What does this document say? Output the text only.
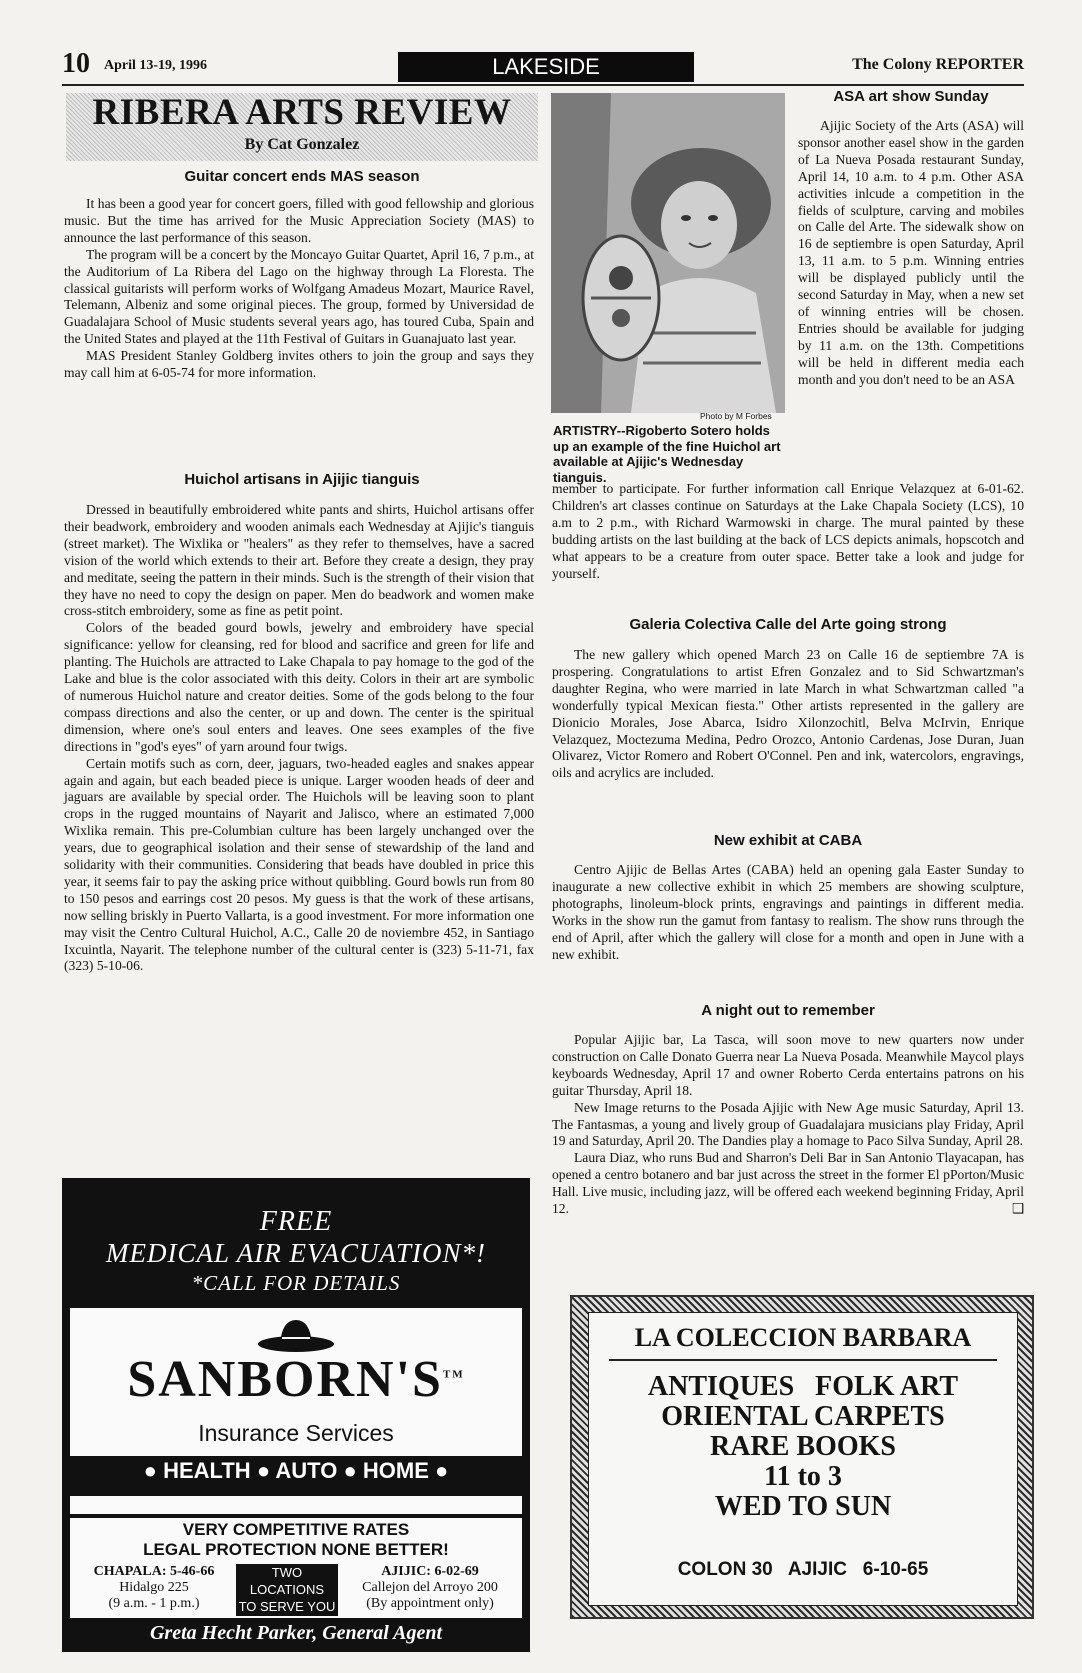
10 April 13-19, 1996	LAKESIDE	The Colony REPORTER
RIBERA ARTS REVIEW
By Cat Gonzalez
Guitar concert ends MAS season

It has been a good year for concert goers, filled with good fellowship and glorious music. But the time has arrived for the Music Appreciation Society (MAS) to announce the last performance of this season.

The program will be a concert by the Moncayo Guitar Quartet, April 16, 7 p.m., at the Auditorium of La Ribera del Lago on the highway through La Floresta. The classical guitarists will perform works of Wolfgang Amadeus Mozart, Maurice Ravel, Telemann, Albeniz and some original pieces. The group, formed by Universidad de Guadalajara School of Music students several years ago, has toured Cuba, Spain and the United States and played at the 11th Festival of Guitars in Guanajuato last year.

MAS President Stanley Goldberg invites others to join the group and says they may call him at 6-05-74 for more information.

Huichol artisans in Ajijic tianguis

Dressed in beautifully embroidered white pants and shirts, Huichol artisans offer their beadwork, embroidery and wooden animals each Wednesday at Ajijic's tianguis (street market). The Wixlika or "healers" as they refer to themselves, have a sacred vision of the world which extends to their art. Before they create a design, they pray and meditate, seeing the pattern in their minds. Such is the strength of their vision that they have no need to copy the design on paper. Men do beadwork and women make cross-stitch embroidery, some as fine as petit point.

Colors of the beaded gourd bowls, jewelry and embroidery have special significance: yellow for cleansing, red for blood and sacrifice and green for life and planting. The Huichols are attracted to Lake Chapala to pay homage to the god of the Lake and blue is the color associated with this deity. Colors in their art are symbolic of numerous Huichol nature and creator deities. Some of the gods belong to the four compass directions and also the center, or up and down. The center is the spiritual dimension, where one's soul enters and leaves. One sees examples of the five directions in "god's eyes" of yarn around four twigs.

Certain motifs such as corn, deer, jaguars, two-headed eagles and snakes appear again and again, but each beaded piece is unique. Larger wooden heads of deer and jaguars are available by special order. The Huichols will be leaving soon to plant crops in the rugged mountains of Nayarit and Jalisco, where an estimated 7,000 Wixlika remain. This pre-Columbian culture has been largely unchanged over the years, due to geographical isolation and their sense of stewardship of the land and solidarity with their communities. Considering that beads have doubled in price this year, it seems fair to pay the asking price without quibbling. Gourd bowls run from 80 to 150 pesos and earrings cost 20 pesos. My guess is that the work of these artisans, now selling briskly in Puerto Vallarta, is a good investment. For more information one may visit the Centro Cultural Huichol, A.C., Calle 20 de noviembre 452, in Santiago Ixcuintla, Nayarit. The telephone number of the cultural center is (323) 5-11-71, fax (323) 5-10-06.

Photo by M Forbes
ARTISTRY--Rigoberto Sotero holds up an example of the fine Huichol art available at Ajijic's Wednesday tianguis.
ASA art show Sunday

Ajijic Society of the Arts (ASA) will sponsor another easel show in the garden of La Nueva Posada restaurant Sunday, April 14, 10 a.m. to 4 p.m. Other ASA activities inlcude a competition in the fields of sculpture, carving and mobiles on Calle del Arte. The sidewalk show on 16 de septiembre is open Saturday, April 13, 11 a.m. to 5 p.m. Winning entries will be displayed publicly until the second Saturday in May, when a new set of winning entries will be chosen. Entries should be available for judging by 11 a.m. on the 13th. Competitions will be held in different media each month and you don't need to be an ASA

member to participate. For further information call Enrique Velazquez at 6-01-62. Children's art classes continue on Saturdays at the Lake Chapala Society (LCS), 10 a.m to 2 p.m., with Richard Warmowski in charge. The mural painted by these budding artists on the last building at the back of LCS depicts animals, hopscotch and what appears to be a creature from outer space. Better take a look and judge for yourself.

Galeria Colectiva Calle del Arte going strong

The new gallery which opened March 23 on Calle 16 de septiembre 7A is prospering. Congratulations to artist Efren Gonzalez and to Sid Schwartzman's daughter Regina, who were married in late March in what Schwartzman called "a wonderfully typical Mexican fiesta." Other artists represented in the gallery are Dionicio Morales, Jose Abarca, Isidro Xilonzochitl, Belva McIrvin, Enrique Velazquez, Moctezuma Medina, Pedro Orozco, Antonio Cardenas, Jose Duran, Juan Olivarez, Victor Romero and Robert O'Connel. Pen and ink, watercolors, engravings, oils and acrylics are included.

New exhibit at CABA

Centro Ajijic de Bellas Artes (CABA) held an opening gala Easter Sunday to inaugurate a new collective exhibit in which 25 members are showing sculpture, photographs, linoleum-block prints, engravings and paintings in different media. Works in the show run the gamut from fantasy to realism. The show runs through the end of April, after which the gallery will close for a month and open in June with a new exhibit.

A night out to remember

Popular Ajijic bar, La Tasca, will soon move to new quarters now under construction on Calle Donato Guerra near La Nueva Posada. Meanwhile Maycol plays keyboards Wednesday, April 17 and owner Roberto Cerda entertains patrons on his guitar Thursday, April 18.

New Image returns to the Posada Ajijic with New Age music Saturday, April 13. The Fantasmas, a young and lively group of Guadalajara musicians play Friday, April 19 and Saturday, April 20. The Dandies play a homage to Paco Silva Sunday, April 28.

Laura Diaz, who runs Bud and Sharron's Deli Bar in San Antonio Tlayacapan, has opened a centro botanero and bar just across the street in the former El pPorton/Music Hall. Live music, including jazz, will be offered each weekend beginning Friday, April 12.	❑

FREE
MEDICAL AIR EVACUATION*!
*CALL FOR DETAILS
SANBORN'S™
Insurance Services
● HEALTH ● AUTO ● HOME ●
VERY COMPETITIVE RATES
LEGAL PROTECTION NONE BETTER!
CHAPALA: 5-46-66
Hidalgo 225
(9 a.m. - 1 p.m.)
TWO
LOCATIONS
TO SERVE YOU
AJIJIC: 6-02-69
Callejon del Arroyo 200
(By appointment only)
Greta Hecht Parker, General Agent
LA COLECCION BARBARA
ANTIQUES   FOLK ART
ORIENTAL CARPETS
RARE BOOKS
11 to 3
WED TO SUN
COLON 30   AJIJIC   6-10-65
